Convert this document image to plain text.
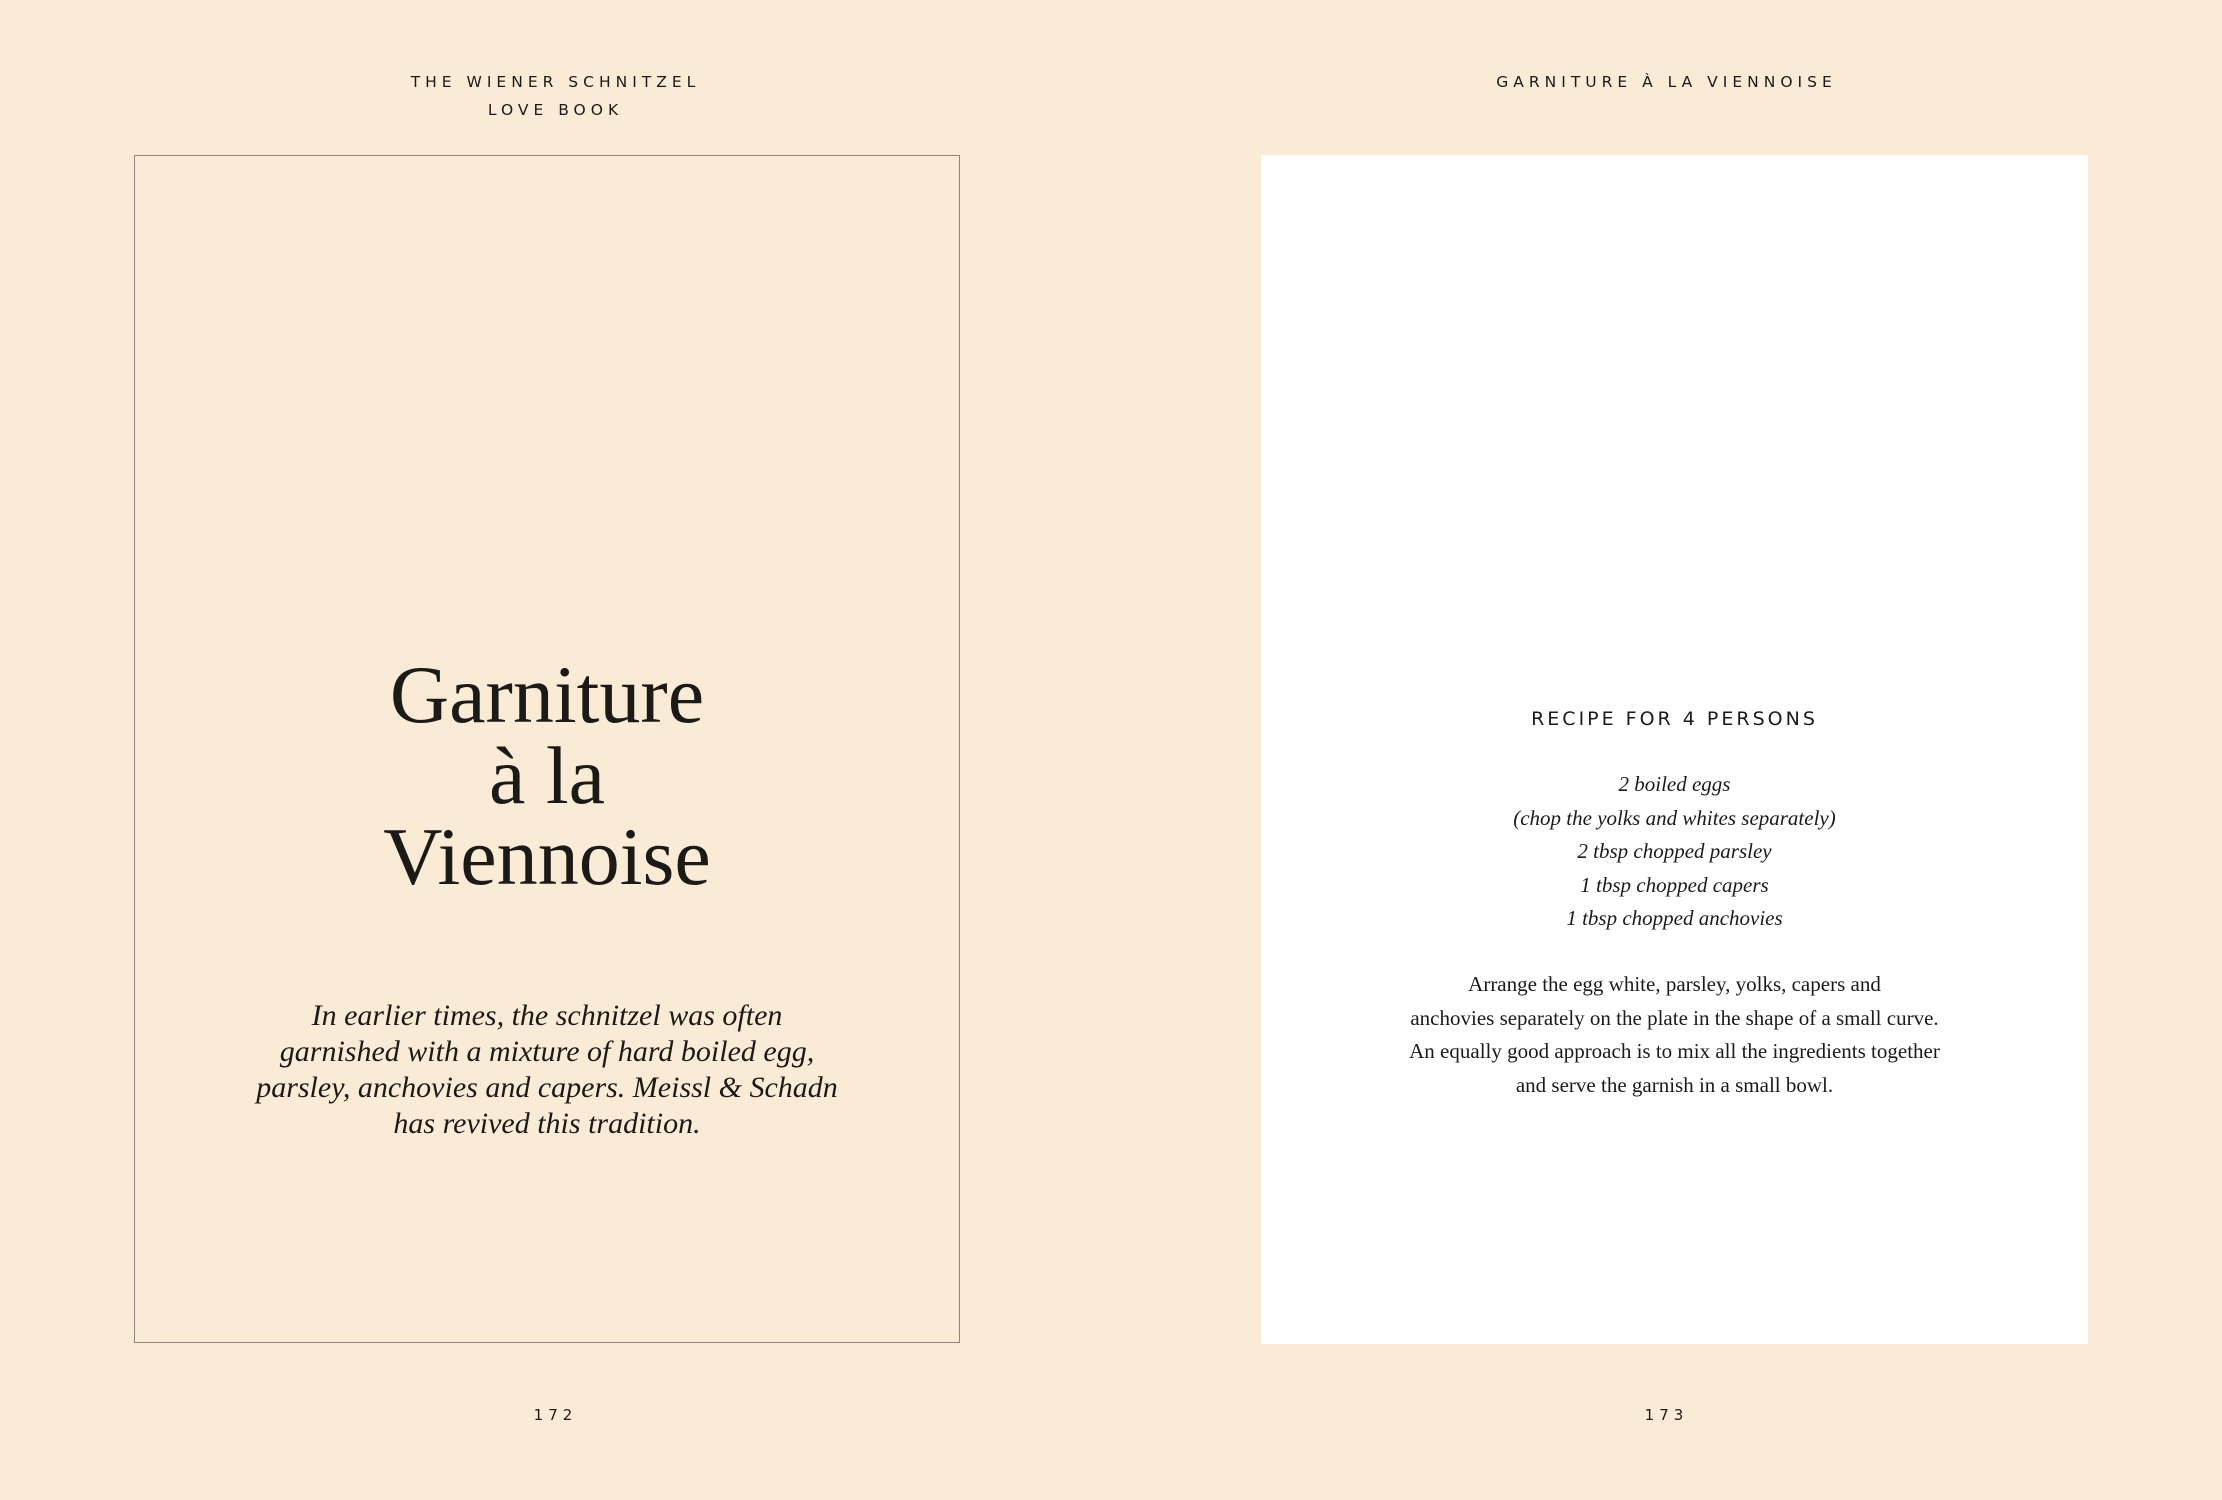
THE WIENER SCHNITZEL
LOVE BOOK
Garniture
à la
Viennoise
In earlier times, the schnitzel was often
garnished with a mixture of hard boiled egg,
parsley, anchovies and capers. Meissl & Schadn
has revived this tradition.
172
GARNITURE À LA VIENNOISE
RECIPE FOR 4 PERSONS
2 boiled eggs
(chop the yolks and whites separately)
2 tbsp chopped parsley
1 tbsp chopped capers
1 tbsp chopped anchovies
Arrange the egg white, parsley, yolks, capers and
anchovies separately on the plate in the shape of a small curve.
An equally good approach is to mix all the ingredients together
and serve the garnish in a small bowl.
173
